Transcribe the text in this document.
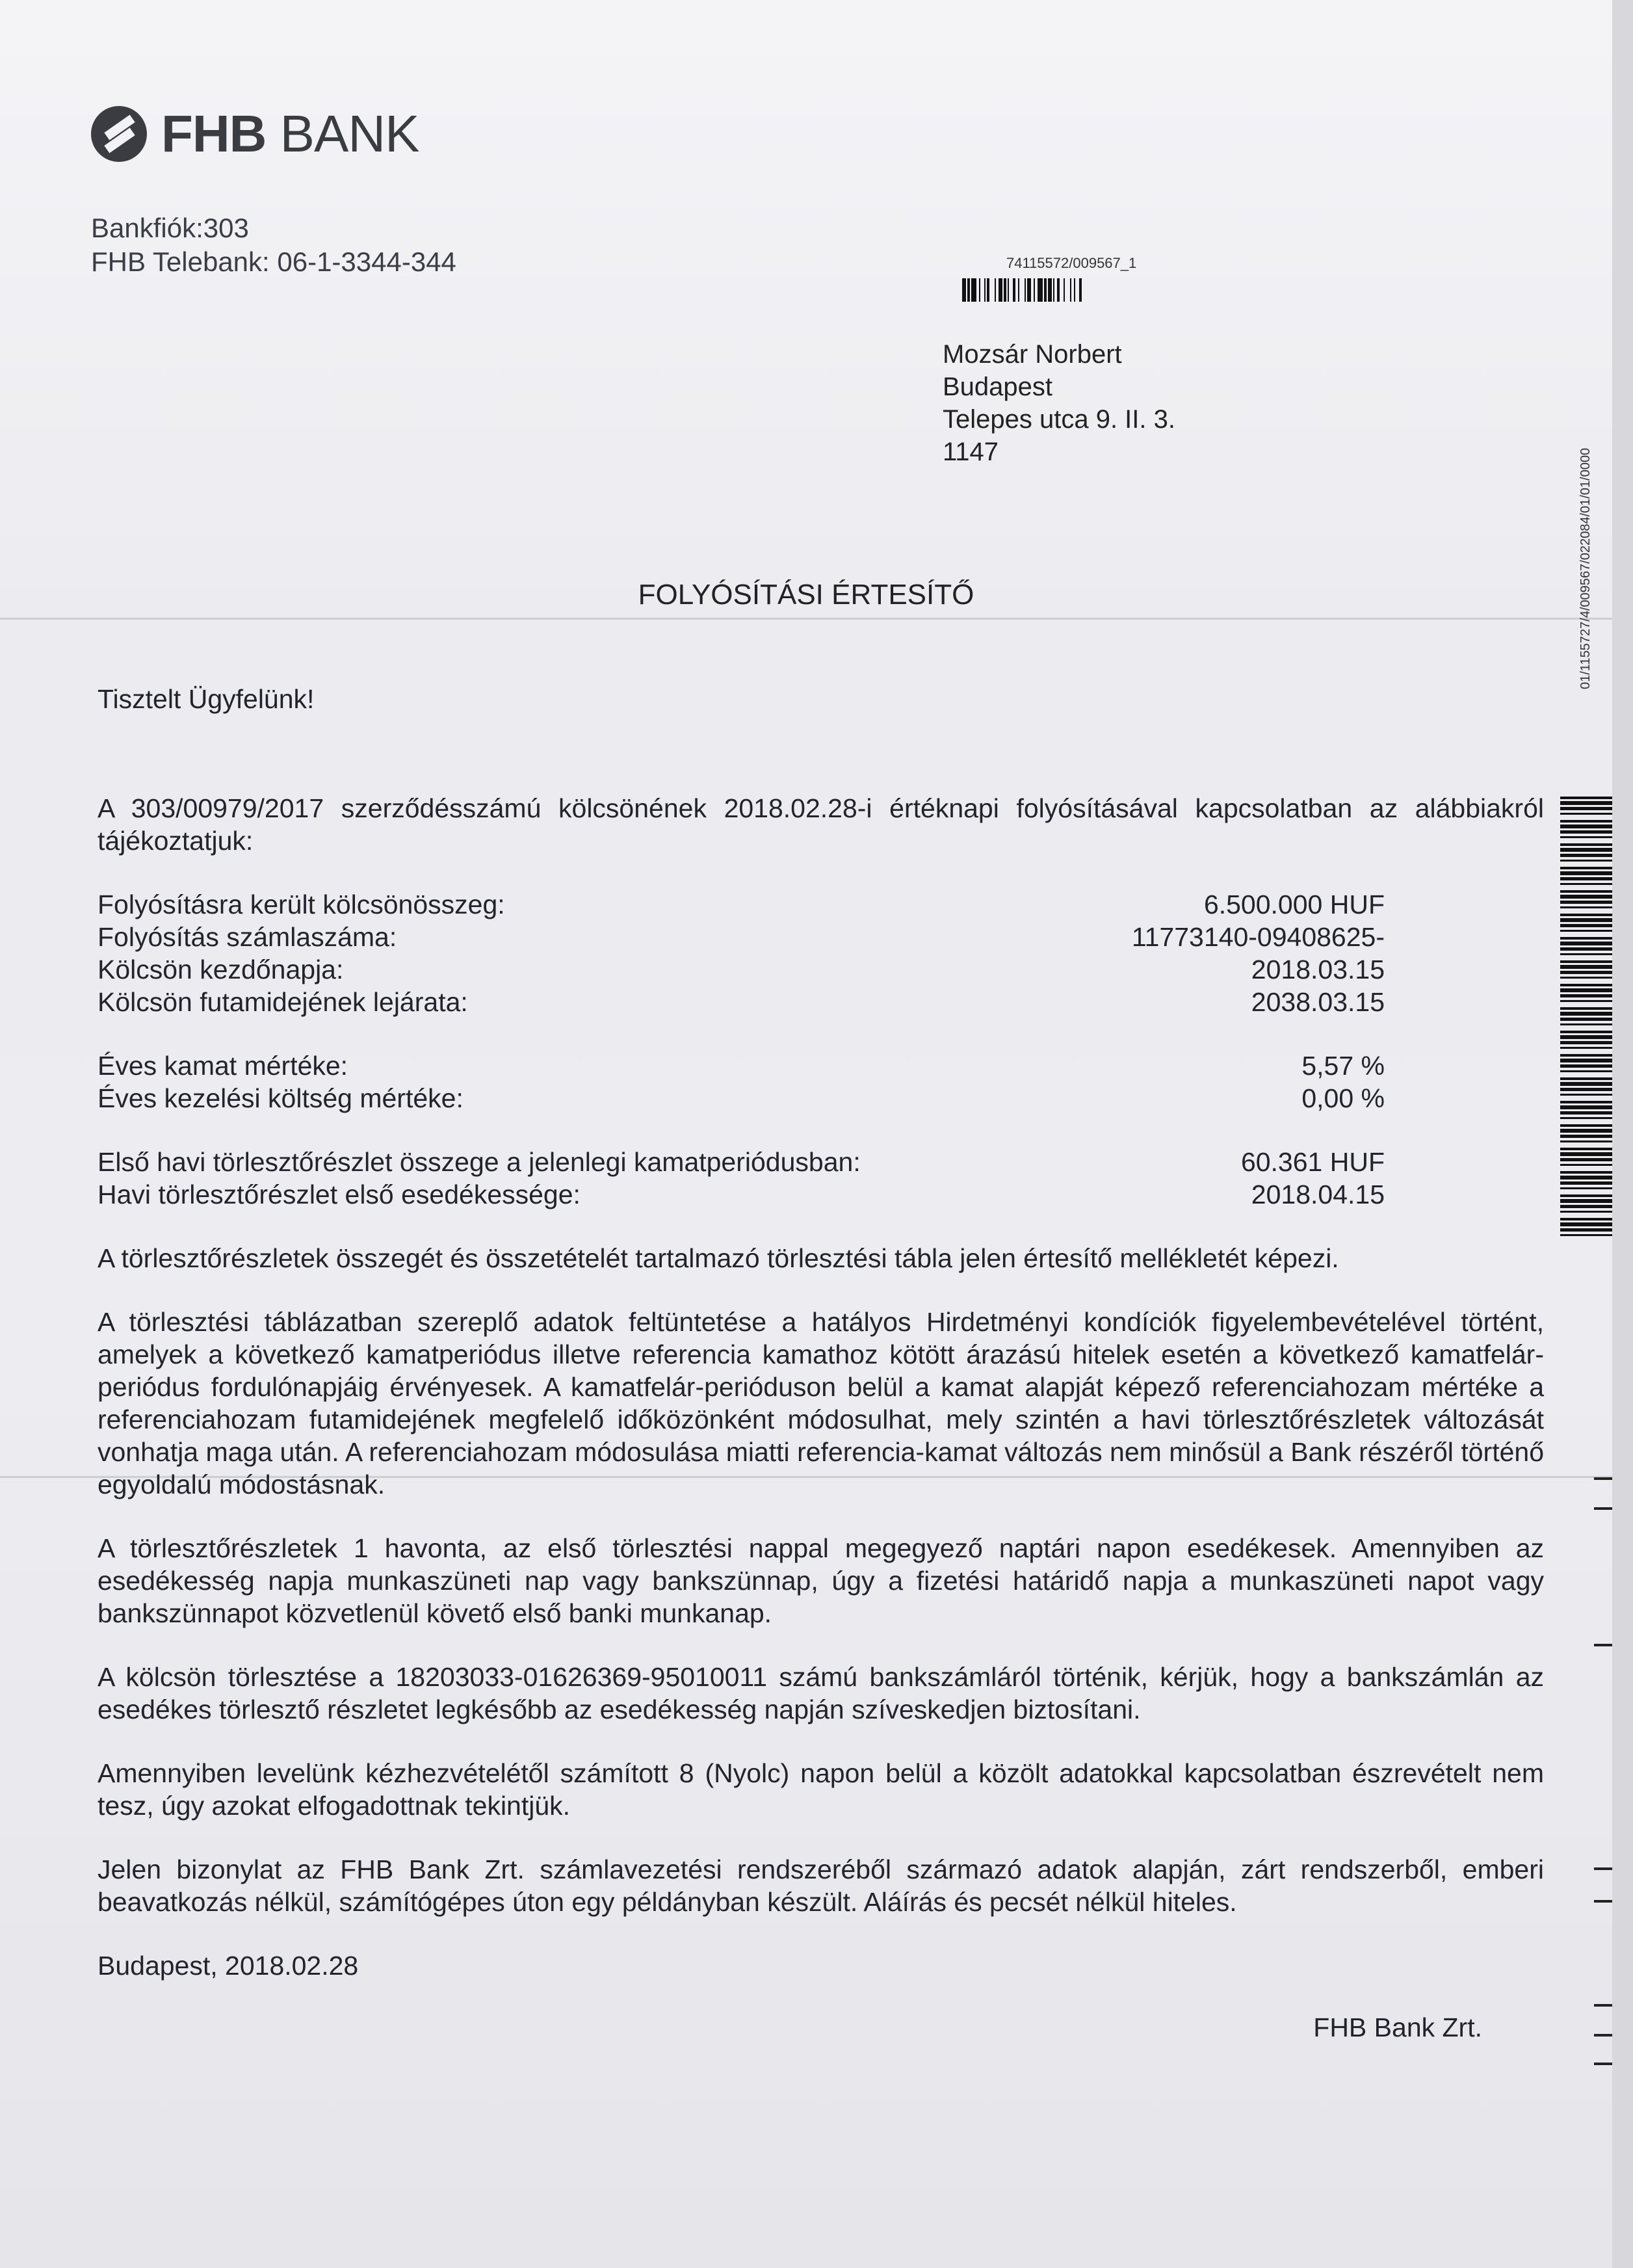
FHB BANK
Bankfiók:303
FHB Telebank: 06-1-3344-344	74115572/009567_1
Mozsár Norbert
Budapest
Telepes utca 9. II. 3.
1147	01/1155727/4/009567/022084/01/01/0000
FOLYÓSÍTÁSI ÉRTESÍTŐ

Tisztelt Ügyfelünk!

A 303/00979/2017 szerződésszámú kölcsönének 2018.02.28-i értéknapi folyósításával kapcsolatban az alábbiakról tájékoztatjuk:

Folyósításra került kölcsönösszeg:	6.500.000 HUF
Folyósítás számlaszáma:	11773140-09408625-
Kölcsön kezdőnapja:	2018.03.15
Kölcsön futamidejének lejárata:	2038.03.15
Éves kamat mértéke:	5,57 %
Éves kezelési költség mértéke:	0,00 %
Első havi törlesztőrészlet összege a jelenlegi kamatperiódusban:	60.361 HUF
Havi törlesztőrészlet első esedékessége:	2018.04.15

A törlesztőrészletek összegét és összetételét tartalmazó törlesztési tábla jelen értesítő mellékletét képezi.

A törlesztési táblázatban szereplő adatok feltüntetése a hatályos Hirdetményi kondíciók figyelembevételével történt, amelyek a következő kamatperiódus illetve referencia kamathoz kötött árazású hitelek esetén a következő kamatfelár-periódus fordulónapjáig érvényesek. A kamatfelár-perióduson belül a kamat alapját képező referenciahozam mértéke a referenciahozam futamidejének megfelelő időközönként módosulhat, mely szintén a havi törlesztőrészletek változását vonhatja maga után. A referenciahozam módosulása miatti referencia-kamat változás nem minősül a Bank részéről történő egyoldalú módostásnak.

A törlesztőrészletek 1 havonta, az első törlesztési nappal megegyező naptári napon esedékesek. Amennyiben az esedékesség napja munkaszüneti nap vagy bankszünnap, úgy a fizetési határidő napja a munkaszüneti napot vagy bankszünnapot közvetlenül követő első banki munkanap.

A kölcsön törlesztése a 18203033-01626369-95010011 számú bankszámláról történik, kérjük, hogy a bankszámlán az esedékes törlesztő részletet legkésőbb az esedékesség napján szíveskedjen biztosítani.

Amennyiben levelünk kézhezvételétől számított 8 (Nyolc) napon belül a közölt adatokkal kapcsolatban észrevételt nem tesz, úgy azokat elfogadottnak tekintjük.

Jelen bizonylat az FHB Bank Zrt. számlavezetési rendszeréből származó adatok alapján, zárt rendszerből, emberi beavatkozás nélkül, számítógépes úton egy példányban készült. Aláírás és pecsét nélkül hiteles.

Budapest, 2018.02.28
FHB Bank Zrt.
